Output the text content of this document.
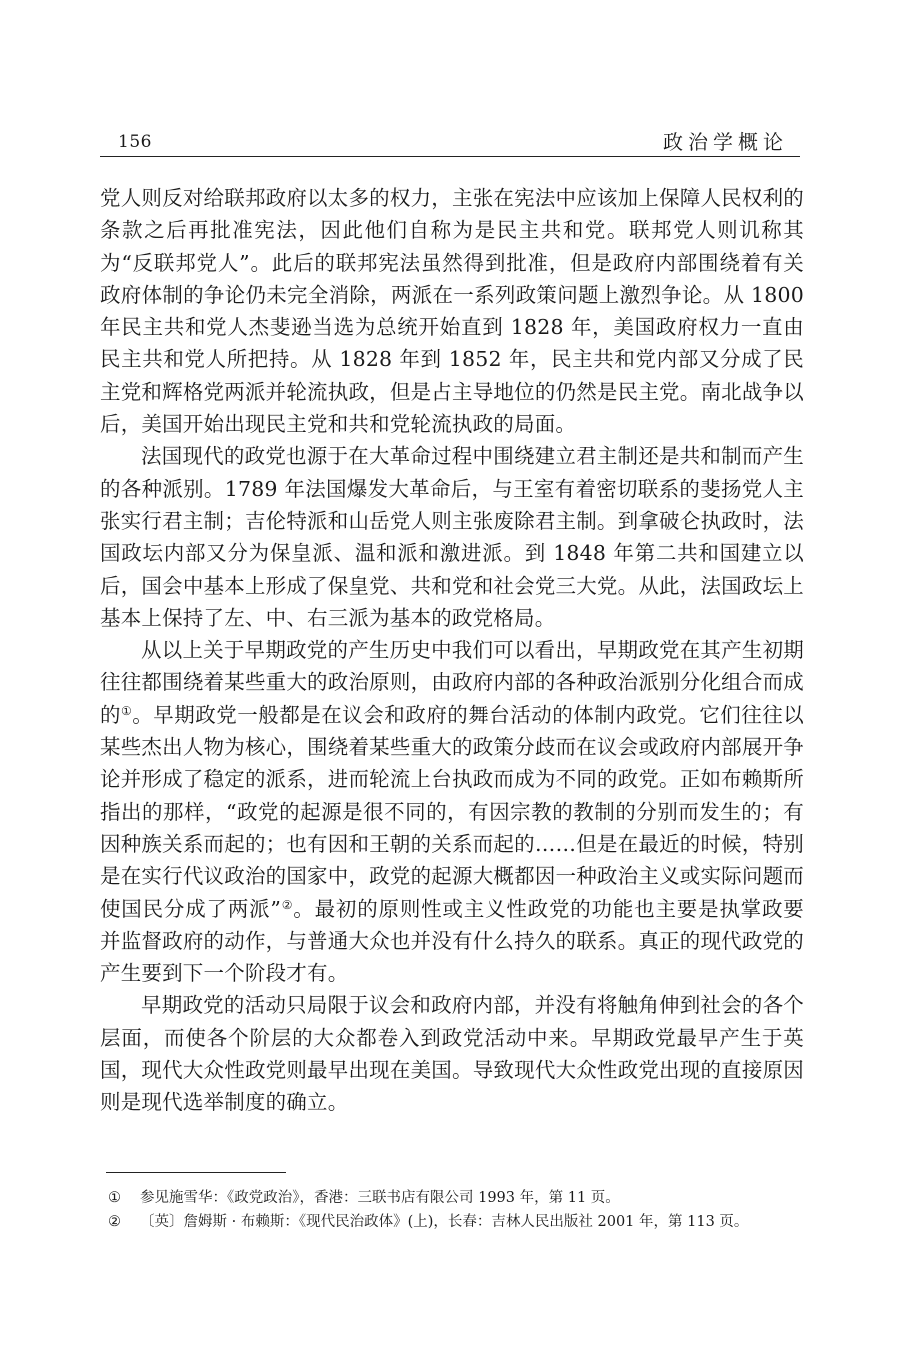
156	政治学概论

党人则反对给联邦政府以太多的权力，主张在宪法中应该加上保障人民权利的条款之后再批准宪法，因此他们自称为是民主共和党。联邦党人则讥称其为“反联邦党人”。此后的联邦宪法虽然得到批准，但是政府内部围绕着有关政府体制的争论仍未完全消除，两派在一系列政策问题上激烈争论。从 1800 年民主共和党人杰斐逊当选为总统开始直到 1828 年，美国政府权力一直由民主共和党人所把持。从 1828 年到 1852 年，民主共和党内部又分成了民主党和辉格党两派并轮流执政，但是占主导地位的仍然是民主党。南北战争以后，美国开始出现民主党和共和党轮流执政的局面。

法国现代的政党也源于在大革命过程中围绕建立君主制还是共和制而产生的各种派别。1789 年法国爆发大革命后，与王室有着密切联系的斐扬党人主张实行君主制；吉伦特派和山岳党人则主张废除君主制。到拿破仑执政时，法国政坛内部又分为保皇派、温和派和激进派。到 1848 年第二共和国建立以后，国会中基本上形成了保皇党、共和党和社会党三大党。从此，法国政坛上基本上保持了左、中、右三派为基本的政党格局。

从以上关于早期政党的产生历史中我们可以看出，早期政党在其产生初期往往都围绕着某些重大的政治原则，由政府内部的各种政治派别分化组合而成的①。早期政党一般都是在议会和政府的舞台活动的体制内政党。它们往往以某些杰出人物为核心，围绕着某些重大的政策分歧而在议会或政府内部展开争论并形成了稳定的派系，进而轮流上台执政而成为不同的政党。正如布赖斯所指出的那样，“政党的起源是很不同的，有因宗教的教制的分别而发生的；有因种族关系而起的；也有因和王朝的关系而起的……但是在最近的时候，特别是在实行代议政治的国家中，政党的起源大概都因一种政治主义或实际问题而使国民分成了两派”②。最初的原则性或主义性政党的功能也主要是执掌政要并监督政府的动作，与普通大众也并没有什么持久的联系。真正的现代政党的产生要到下一个阶段才有。

早期政党的活动只局限于议会和政府内部，并没有将触角伸到社会的各个层面，而使各个阶层的大众都卷入到政党活动中来。早期政党最早产生于英国，现代大众性政党则最早出现在美国。导致现代大众性政党出现的直接原因则是现代选举制度的确立。

① 参见施雪华：《政党政治》，香港：三联书店有限公司 1993 年，第 11 页。
② 〔英〕詹姆斯 · 布赖斯：《现代民治政体》(上)，长春：吉林人民出版社 2001 年，第 113 页。
